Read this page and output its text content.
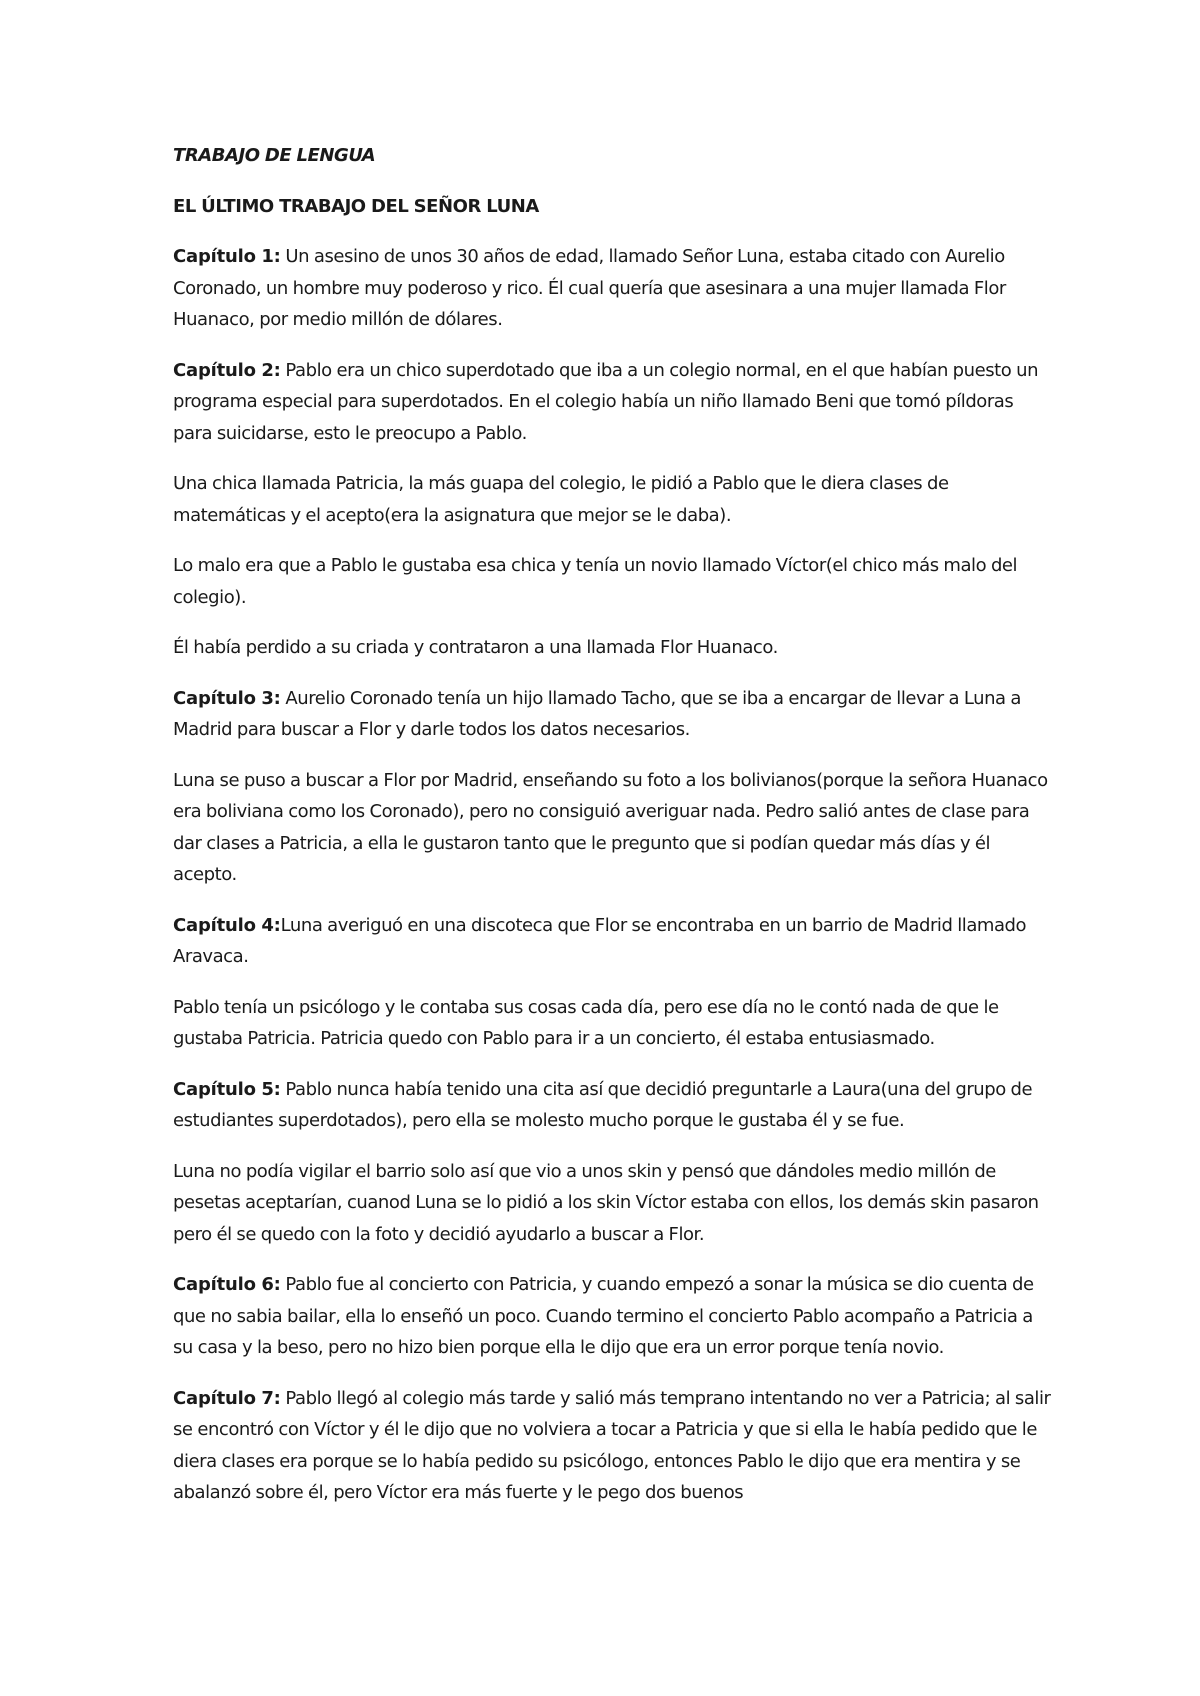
TRABAJO DE LENGUA
EL ÚLTIMO TRABAJO DEL SEÑOR LUNA

Capítulo 1: Un asesino de unos 30 años de edad, llamado Señor Luna, estaba citado con Aurelio Coronado, un hombre muy poderoso y rico. Él cual quería que asesinara a una mujer llamada Flor Huanaco, por medio millón de dólares.

Capítulo 2: Pablo era un chico superdotado que iba a un colegio normal, en el que habían puesto un programa especial para superdotados. En el colegio había un niño llamado Beni que tomó píldoras para suicidarse, esto le preocupo a Pablo.

Una chica llamada Patricia, la más guapa del colegio, le pidió a Pablo que le diera clases de matemáticas y el acepto(era la asignatura que mejor se le daba).

Lo malo era que a Pablo le gustaba esa chica y tenía un novio llamado Víctor(el chico más malo del colegio).

Él había perdido a su criada y contrataron a una llamada Flor Huanaco.

Capítulo 3: Aurelio Coronado tenía un hijo llamado Tacho, que se iba a encargar de llevar a Luna a Madrid para buscar a Flor y darle todos los datos necesarios.

Luna se puso a buscar a Flor por Madrid, enseñando su foto a los bolivianos(porque la señora Huanaco era boliviana como los Coronado), pero no consiguió averiguar nada. Pedro salió antes de clase para dar clases a Patricia, a ella le gustaron tanto que le pregunto que si podían quedar más días y él acepto.

Capítulo 4:Luna averiguó en una discoteca que Flor se encontraba en un barrio de Madrid llamado Aravaca.

Pablo tenía un psicólogo y le contaba sus cosas cada día, pero ese día no le contó nada de que le gustaba Patricia. Patricia quedo con Pablo para ir a un concierto, él estaba entusiasmado.

Capítulo 5: Pablo nunca había tenido una cita así que decidió preguntarle a Laura(una del grupo de estudiantes superdotados), pero ella se molesto mucho porque le gustaba él y se fue.

Luna no podía vigilar el barrio solo así que vio a unos skin y pensó que dándoles medio millón de pesetas aceptarían, cuanod Luna se lo pidió a los skin Víctor estaba con ellos, los demás skin pasaron pero él se quedo con la foto y decidió ayudarlo a buscar a Flor.

Capítulo 6: Pablo fue al concierto con Patricia, y cuando empezó a sonar la música se dio cuenta de que no sabia bailar, ella lo enseñó un poco. Cuando termino el concierto Pablo acompaño a Patricia a su casa y la beso, pero no hizo bien porque ella le dijo que era un error porque tenía novio.

Capítulo 7: Pablo llegó al colegio más tarde y salió más temprano intentando no ver a Patricia; al salir se encontró con Víctor y él le dijo que no volviera a tocar a Patricia y que si ella le había pedido que le diera clases era porque se lo había pedido su psicólogo, entonces Pablo le dijo que era mentira y se abalanzó sobre él, pero Víctor era más fuerte y le pego dos buenos
